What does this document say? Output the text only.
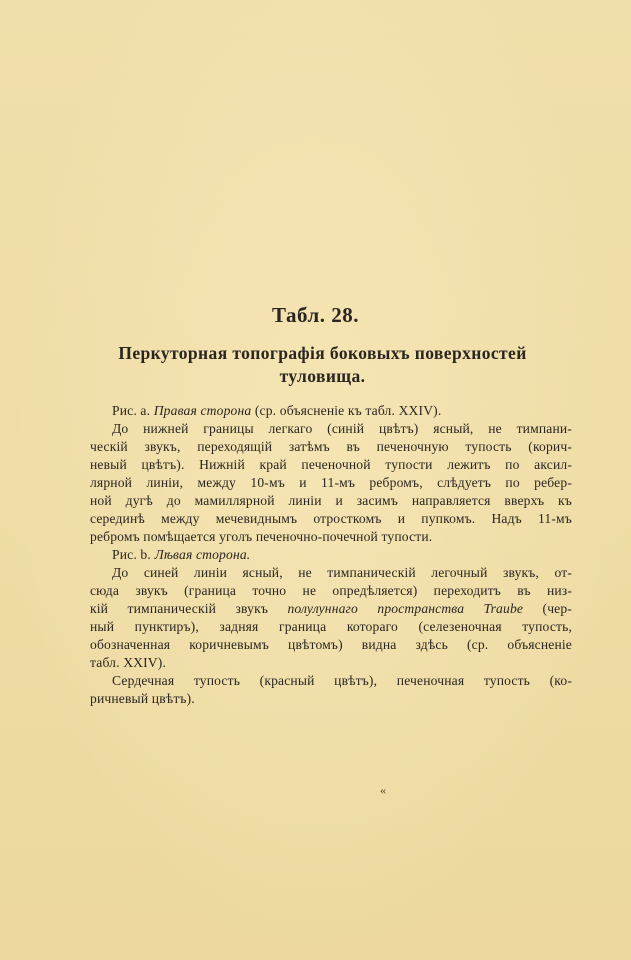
Табл. 28.
Перкуторная топографія боковыхъ поверхностей
туловища.
Рис. а. Правая сторона (ср. объясненіе къ табл. XXIV).
До нижней границы легкаго (синій цвѣтъ) ясный, не тимпани-
ческій звукъ, переходящій затѣмъ въ печеночную тупость (корич-
невый цвѣтъ). Нижній край печеночной тупости лежитъ по аксил-
лярной линіи, между 10-мъ и 11-мъ ребромъ, слѣдуетъ по ребер-
ной дугѣ до мамиллярной линіи и засимъ направляется вверхъ къ
серединѣ между мечевиднымъ отросткомъ и пупкомъ. Надъ 11-мъ
ребромъ помѣщается уголъ печеночно-почечной тупости.
Рис. b. Лѣвая сторона.
До синей линіи ясный, не тимпаническій легочный звукъ, от-
сюда звукъ (граница точно не опредѣляется) переходитъ въ низ-
кій тимпаническій звукъ полулуннаго пространства Traube (чер-
ный пунктиръ), задняя граница котораго (селезеночная тупость,
обозначенная коричневымъ цвѣтомъ) видна здѣсь (ср. объясненіе
табл. XXIV).
Сердечная тупость (красный цвѣтъ), печеночная тупость (ко-
ричневый цвѣтъ).
«
